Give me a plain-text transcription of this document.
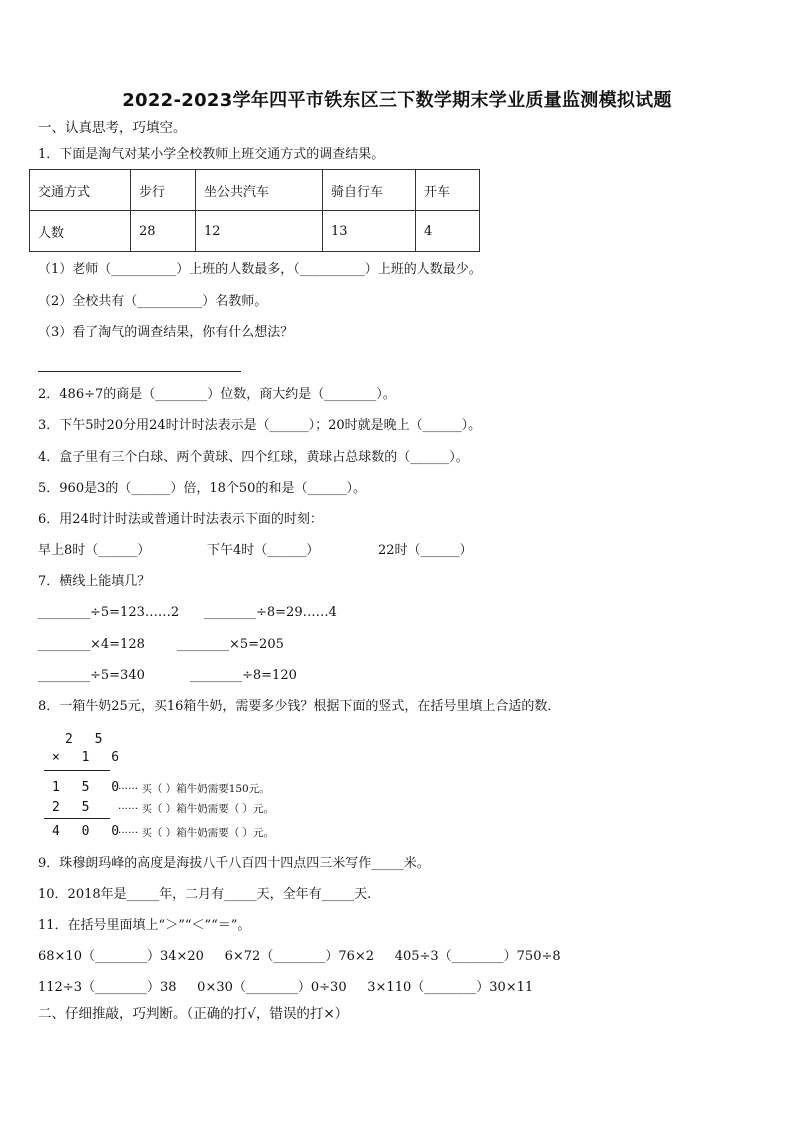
2022-2023学年四平市铁东区三下数学期末学业质量监测模拟试题
一、认真思考，巧填空。
1．下面是淘气对某小学全校教师上班交通方式的调查结果。
交通方式	步行	坐公共汽车	骑自行车	开车
人数	28	12	13	4
（1）老师（__________）上班的人数最多，（__________）上班的人数最少。
（2）全校共有（__________）名教师。
（3）看了淘气的调查结果，你有什么想法？
2．486÷7的商是（________）位数，商大约是（________）。
3．下午5时20分用24时计时法表示是（______）；20时就是晚上（______）。
4．盒子里有三个白球、两个黄球、四个红球，黄球占总球数的（______）。
5．960是3的（______）倍，18个50的和是（______）。
6．用24时计时法或普通计时法表示下面的时刻：
早上8时（______）	下午4时（______）	22时（______）
7．横线上能填几？
________÷5=123……2 ________÷8=29……4
________×4=128 ________×5=205
________÷5=340	________÷8=120
8．一箱牛奶25元，买16箱牛奶，需要多少钱？根据下面的竖式，在括号里填上合适的数．
2 5
× 1 6
1 5 0
······ 买（ ）箱牛奶需要150元。
2 5 ······ 买（ ）箱牛奶需要（ ）元。
4 0 0
······ 买（ ）箱牛奶需要（ ）元。
9．珠穆朗玛峰的高度是海拔八千八百四十四点四三米写作_____米。
10．2018年是_____年，二月有_____天，全年有_____天.
11．在括号里面填上“＞”“＜”“＝”。
68×10（________）34×20     6×72（________）76×2     405÷3（________）750÷8
112÷3（________）38     0×30（________）0÷30     3×110（________）30×11
二、仔细推敲，巧判断。（正确的打√，错误的打×）
